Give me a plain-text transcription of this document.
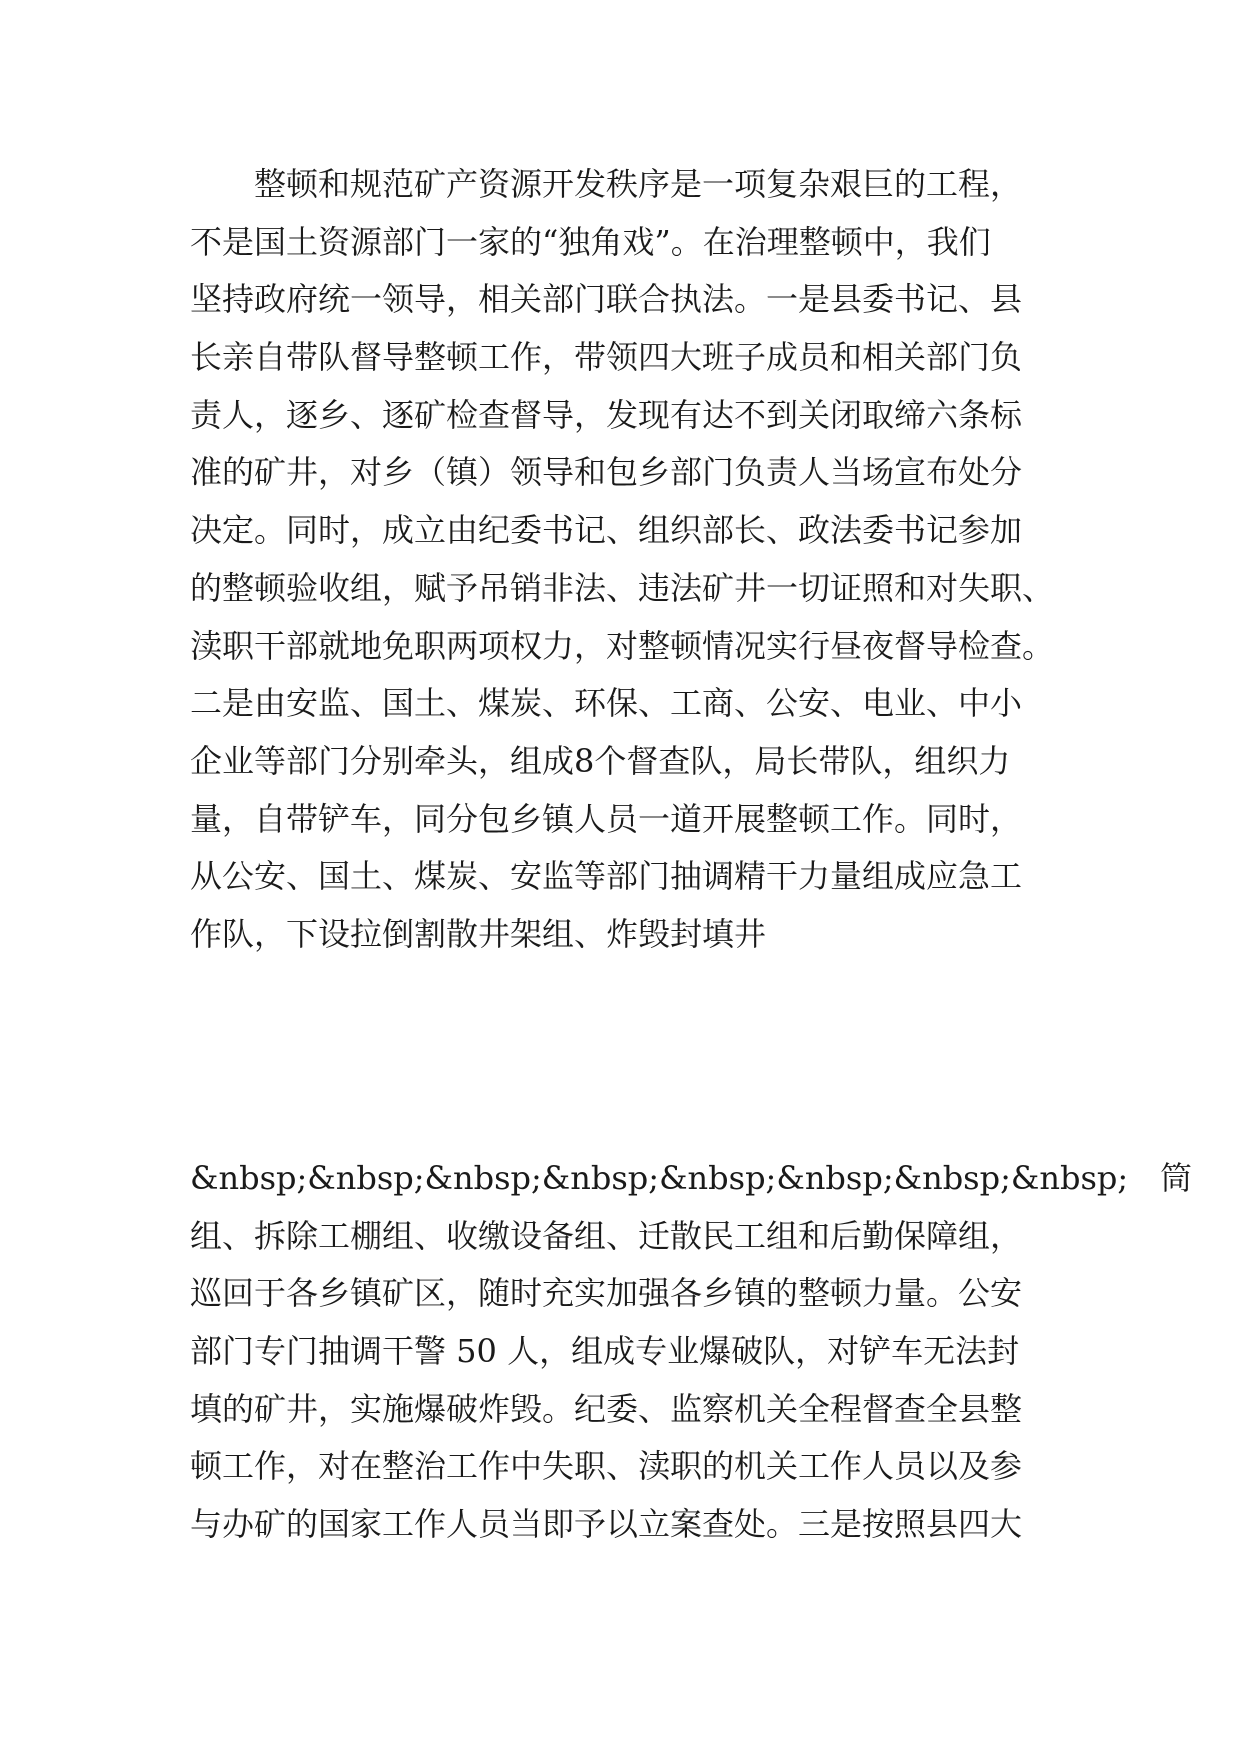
　　整顿和规范矿产资源开发秩序是一项复杂艰巨的工程，
不是国土资源部门一家的“独角戏”。在治理整顿中，我们
坚持政府统一领导，相关部门联合执法。一是县委书记、县
长亲自带队督导整顿工作，带领四大班子成员和相关部门负
责人，逐乡、逐矿检查督导，发现有达不到关闭取缔六条标
准的矿井，对乡（镇）领导和包乡部门负责人当场宣布处分
决定。同时，成立由纪委书记、组织部长、政法委书记参加
的整顿验收组，赋予吊销非法、违法矿井一切证照和对失职、
渎职干部就地免职两项权力，对整顿情况实行昼夜督导检查。
二是由安监、国土、煤炭、环保、工商、公安、电业、中小
企业等部门分别牵头，组成8个督查队，局长带队，组织力
量，自带铲车，同分包乡镇人员一道开展整顿工作。同时，
从公安、国土、煤炭、安监等部门抽调精干力量组成应急工
作队，下设拉倒割散井架组、炸毁封填井
&nbsp;&nbsp;&nbsp;&nbsp;&nbsp;&nbsp;&nbsp;&nbsp;　筒
组、拆除工棚组、收缴设备组、迁散民工组和后勤保障组，
巡回于各乡镇矿区，随时充实加强各乡镇的整顿力量。公安
部门专门抽调干警 50 人，组成专业爆破队，对铲车无法封
填的矿井，实施爆破炸毁。纪委、监察机关全程督查全县整
顿工作，对在整治工作中失职、渎职的机关工作人员以及参
与办矿的国家工作人员当即予以立案查处。三是按照县四大
